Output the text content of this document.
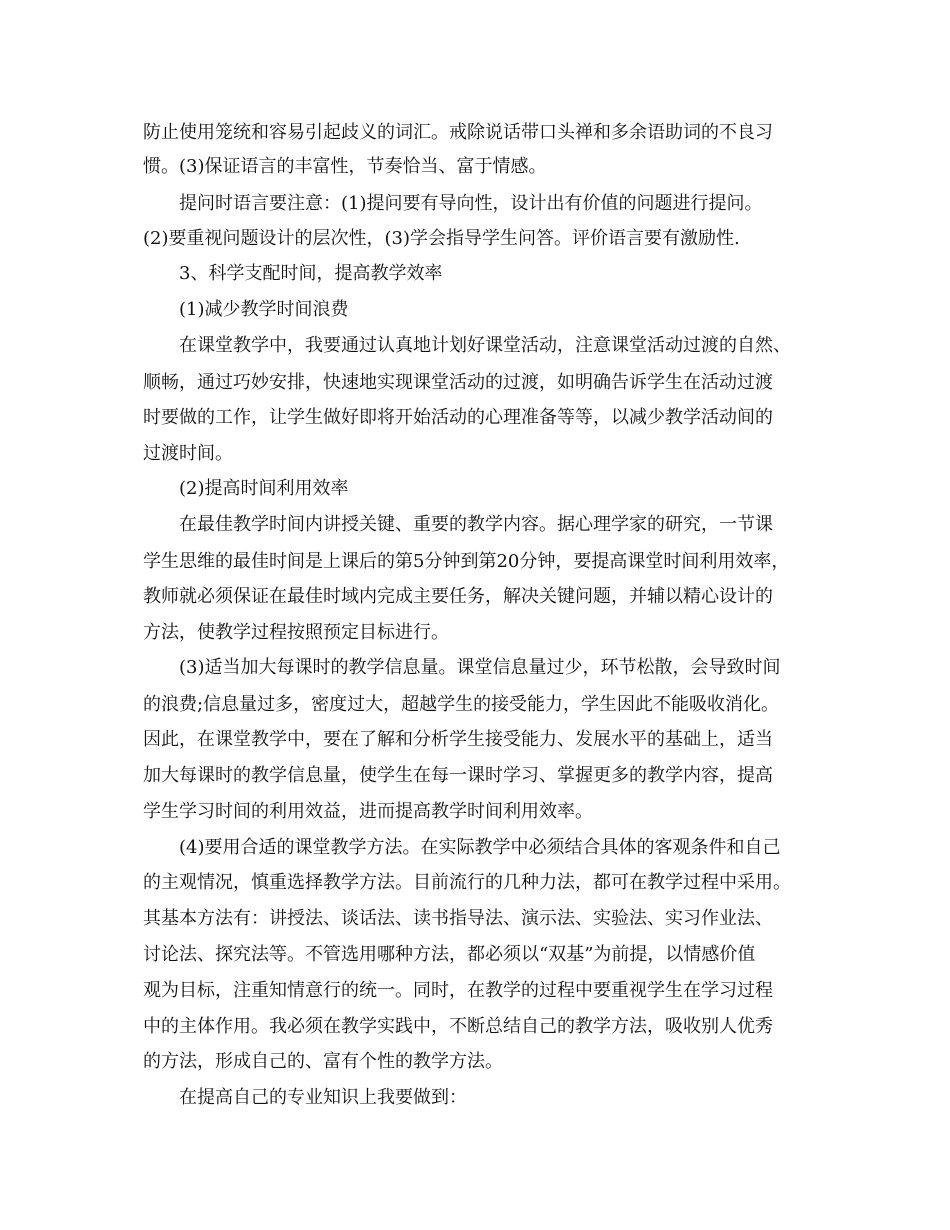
防止使用笼统和容易引起歧义的词汇。戒除说话带口头禅和多余语助词的不良习
惯。(3)保证语言的丰富性，节奏恰当、富于情感。
提问时语言要注意：(1)提问要有导向性，设计出有价值的问题进行提问。
(2)要重视问题设计的层次性，(3)学会指导学生问答。评价语言要有激励性.
3、科学支配时间，提高教学效率
(1)减少教学时间浪费
在课堂教学中，我要通过认真地计划好课堂活动，注意课堂活动过渡的自然、
顺畅，通过巧妙安排，快速地实现课堂活动的过渡，如明确告诉学生在活动过渡
时要做的工作，让学生做好即将开始活动的心理准备等等，以减少教学活动间的
过渡时间。
(2)提高时间利用效率
在最佳教学时间内讲授关键、重要的教学内容。据心理学家的研究，一节课
学生思维的最佳时间是上课后的第5分钟到第20分钟，要提高课堂时间利用效率，
教师就必须保证在最佳时域内完成主要任务，解决关键问题，并辅以精心设计的
方法，使教学过程按照预定目标进行。
(3)适当加大每课时的教学信息量。课堂信息量过少，环节松散，会导致时间
的浪费;信息量过多，密度过大，超越学生的接受能力，学生因此不能吸收消化。
因此，在课堂教学中，要在了解和分析学生接受能力、发展水平的基础上，适当
加大每课时的教学信息量，使学生在每一课时学习、掌握更多的教学内容，提高
学生学习时间的利用效益，进而提高教学时间利用效率。
(4)要用合适的课堂教学方法。在实际教学中必须结合具体的客观条件和自己
的主观情况，慎重选择教学方法。目前流行的几种力法，都可在教学过程中采用。
其基本方法有：讲授法、谈话法、读书指导法、演示法、实验法、实习作业法、
讨论法、探究法等。不管选用哪种方法，都必须以“双基”为前提，以情感价值
观为目标，注重知情意行的统一。同时，在教学的过程中要重视学生在学习过程
中的主体作用。我必须在教学实践中，不断总结自己的教学方法，吸收别人优秀
的方法，形成自己的、富有个性的教学方法。
在提高自己的专业知识上我要做到：
